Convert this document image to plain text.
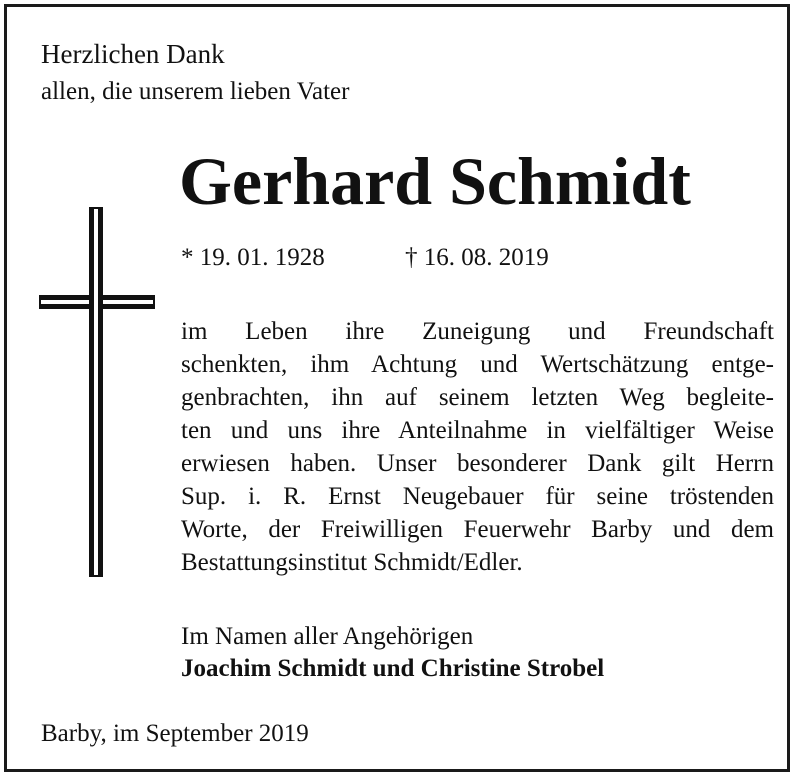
Herzlichen Dank
allen, die unserem lieben Vater
Gerhard Schmidt
* 19. 01. 1928	† 16. 08. 2019
im Leben ihre Zuneigung und Freundschaft
schenkten, ihm Achtung und Wertschätzung entge-
genbrachten, ihn auf seinem letzten Weg begleite-
ten und uns ihre Anteilnahme in vielfältiger Weise
erwiesen haben. Unser besonderer Dank gilt Herrn
Sup. i. R. Ernst Neugebauer für seine tröstenden
Worte, der Freiwilligen Feuerwehr Barby und dem
Bestattungsinstitut Schmidt/Edler.
Im Namen aller Angehörigen
Joachim Schmidt und Christine Strobel
Barby, im September 2019
